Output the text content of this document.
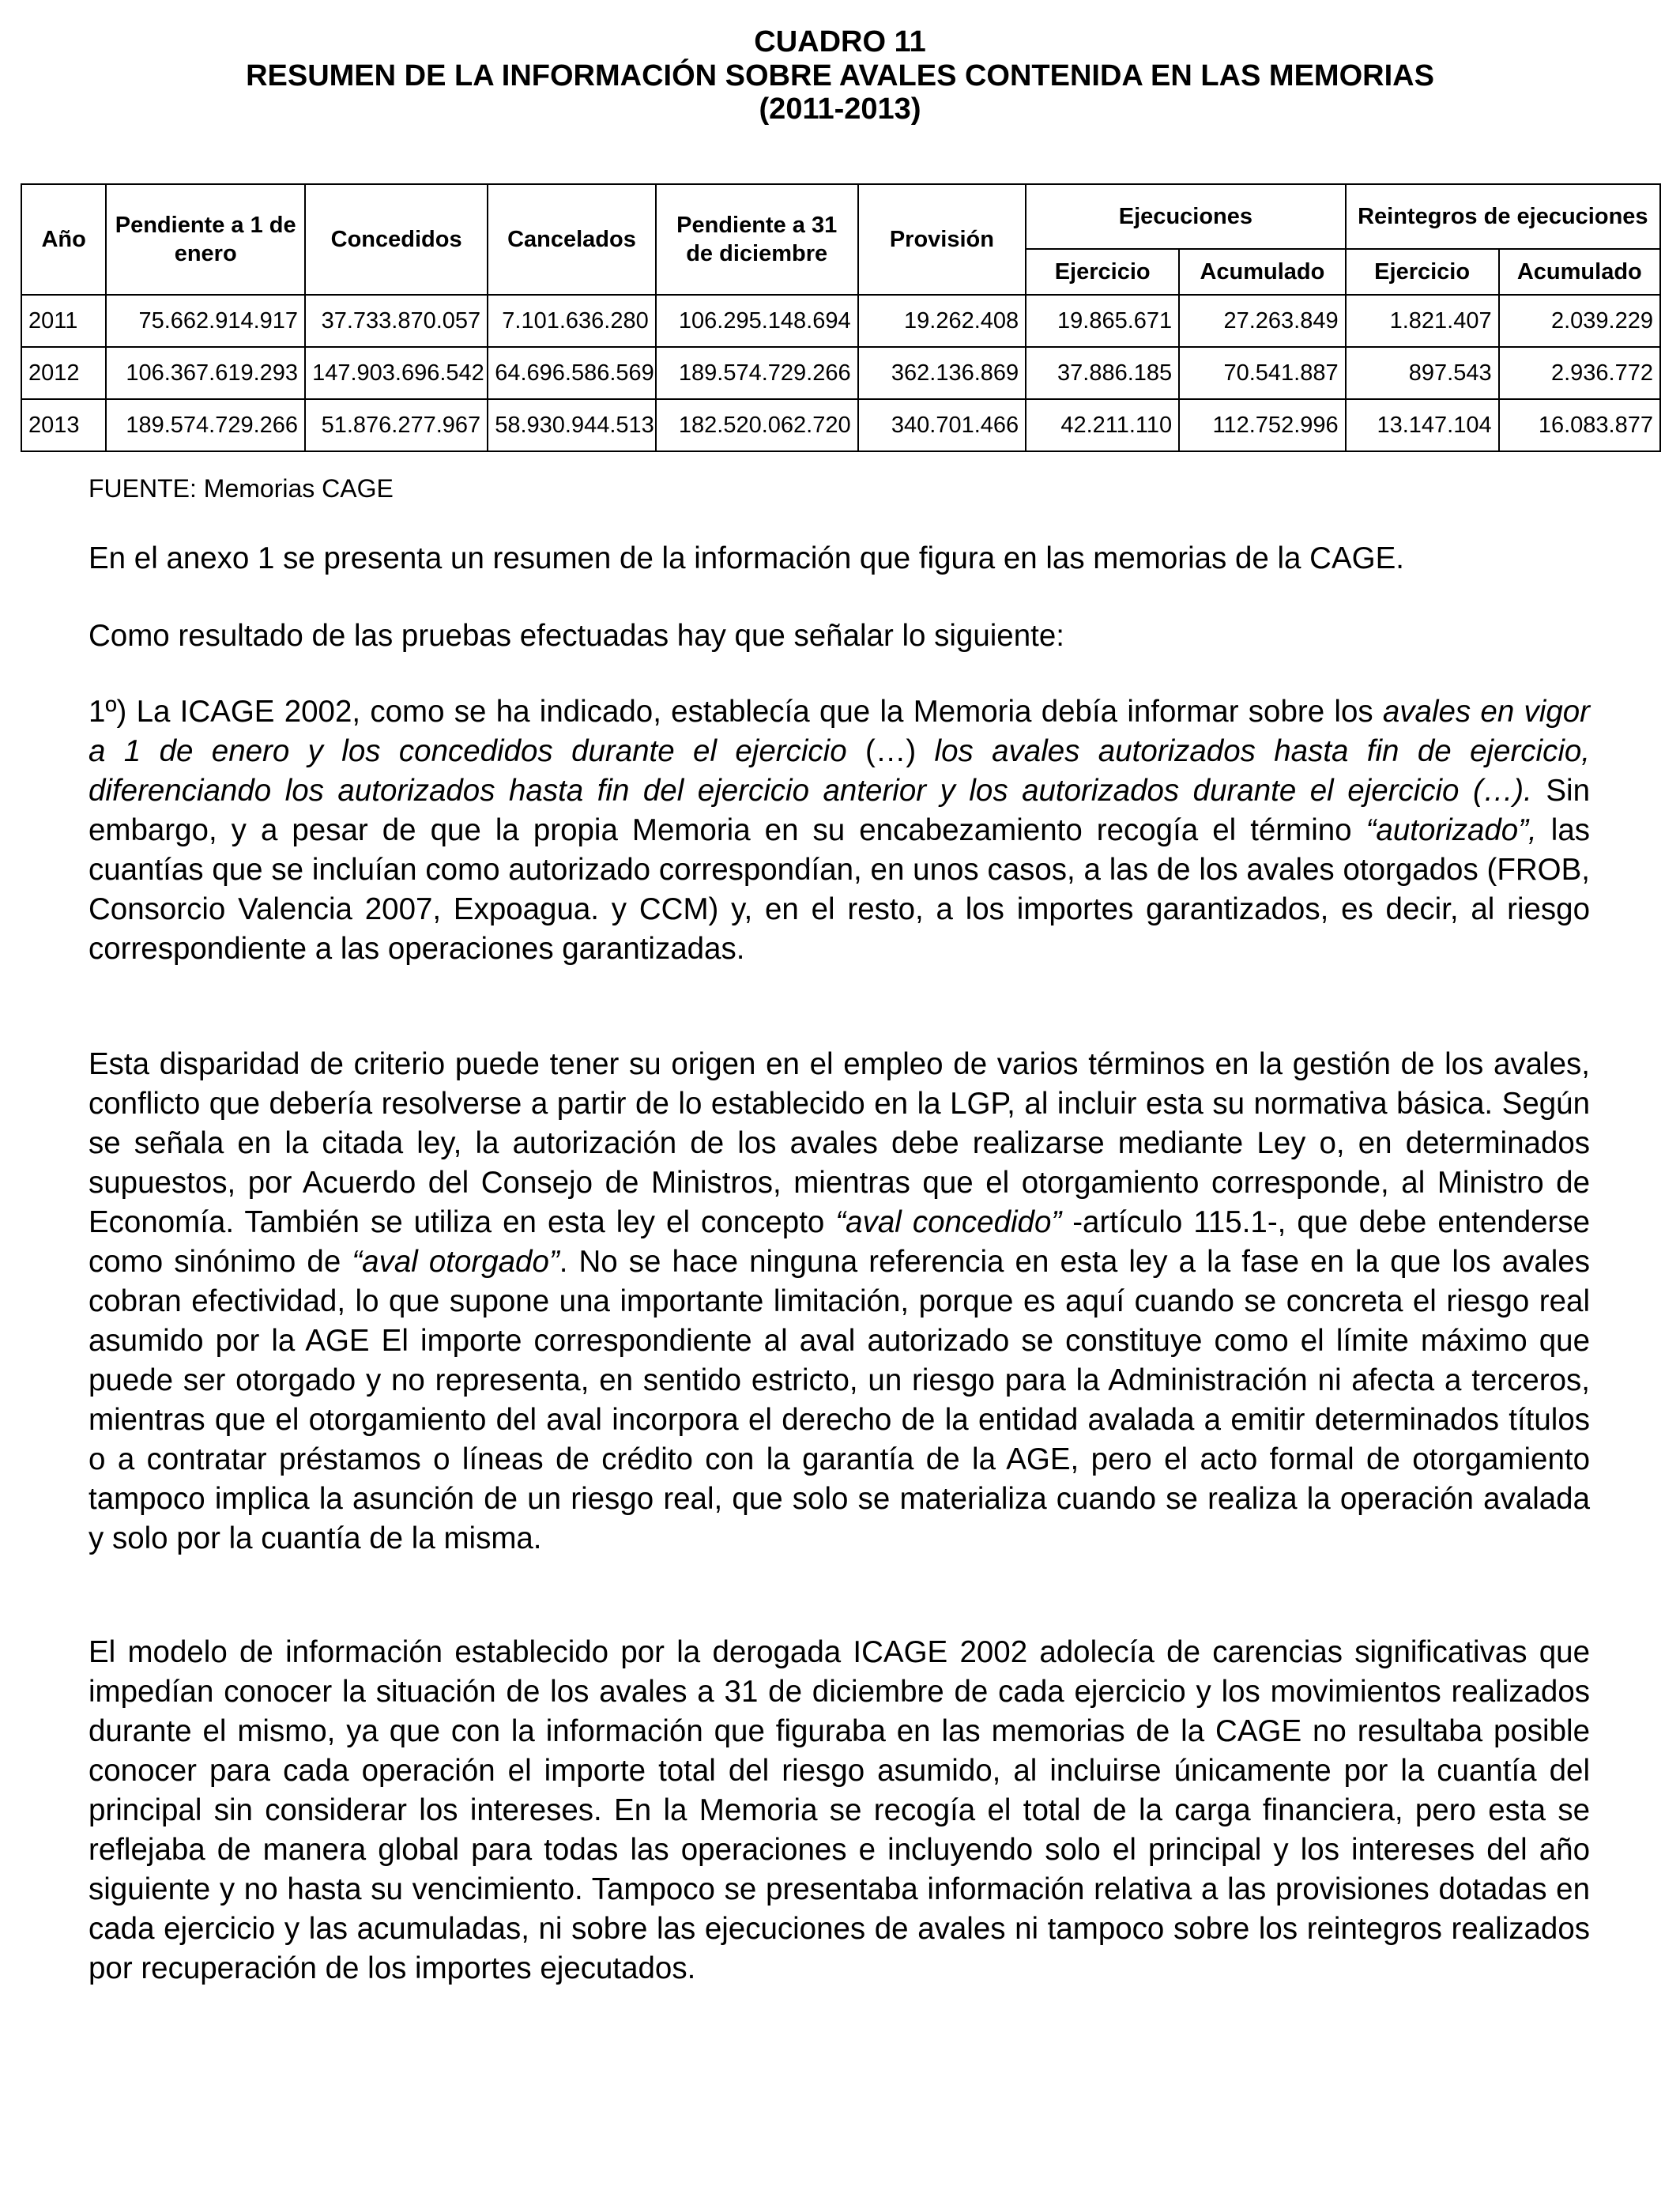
CUADRO 11
RESUMEN DE LA INFORMACIÓN SOBRE AVALES CONTENIDA EN LAS MEMORIAS
(2011-2013)
Año	Pendiente a 1 de enero	Concedidos	Cancelados	Pendiente a 31 de diciembre	Provisión	Ejecuciones		Reintegros de ejecuciones	
						Ejercicio	Acumulado	Ejercicio	Acumulado
2011	75.662.914.917	37.733.870.057	7.101.636.280	106.295.148.694	19.262.408	19.865.671	27.263.849	1.821.407	2.039.229
2012	106.367.619.293	147.903.696.542	64.696.586.569	189.574.729.266	362.136.869	37.886.185	70.541.887	897.543	2.936.772
2013	189.574.729.266	51.876.277.967	58.930.944.513	182.520.062.720	340.701.466	42.211.110	112.752.996	13.147.104	16.083.877
FUENTE: Memorias CAGE

En el anexo 1 se presenta un resumen de la información que figura en las memorias de la CAGE.

Como resultado de las pruebas efectuadas hay que señalar lo siguiente:

1º) La ICAGE 2002, como se ha indicado, establecía que la Memoria debía informar sobre los avales en vigor a 1 de enero y los concedidos durante el ejercicio (…) los avales autorizados hasta fin de ejercicio, diferenciando los autorizados hasta fin del ejercicio anterior y los autorizados durante el ejercicio (…). Sin embargo, y a pesar de que la propia Memoria en su encabezamiento recogía el término “autorizado”, las cuantías que se incluían como autorizado correspondían, en unos casos, a las de los avales otorgados (FROB, Consorcio Valencia 2007, Expoagua. y CCM) y, en el resto, a los importes garantizados, es decir, al riesgo correspondiente a las operaciones garantizadas.

Esta disparidad de criterio puede tener su origen en el empleo de varios términos en la gestión de los avales, conflicto que debería resolverse a partir de lo establecido en la LGP, al incluir esta su normativa básica. Según se señala en la citada ley, la autorización de los avales debe realizarse mediante Ley o, en determinados supuestos, por Acuerdo del Consejo de Ministros, mientras que el otorgamiento corresponde, al Ministro de Economía. También se utiliza en esta ley el concepto “aval concedido” -artículo 115.1-, que debe entenderse como sinónimo de “aval otorgado”. No se hace ninguna referencia en esta ley a la fase en la que los avales cobran efectividad, lo que supone una importante limitación, porque es aquí cuando se concreta el riesgo real asumido por la AGE El importe correspondiente al aval autorizado se constituye como el límite máximo que puede ser otorgado y no representa, en sentido estricto, un riesgo para la Administración ni afecta a terceros, mientras que el otorgamiento del aval incorpora el derecho de la entidad avalada a emitir determinados títulos o a contratar préstamos o líneas de crédito con la garantía de la AGE, pero el acto formal de otorgamiento tampoco implica la asunción de un riesgo real, que solo se materializa cuando se realiza la operación avalada y solo por la cuantía de la misma.

El modelo de información establecido por la derogada ICAGE 2002 adolecía de carencias significativas que impedían conocer la situación de los avales a 31 de diciembre de cada ejercicio y los movimientos realizados durante el mismo, ya que con la información que figuraba en las memorias de la CAGE no resultaba posible conocer para cada operación el importe total del riesgo asumido, al incluirse únicamente por la cuantía del principal sin considerar los intereses. En la Memoria se recogía el total de la carga financiera, pero esta se reflejaba de manera global para todas las operaciones e incluyendo solo el principal y los intereses del año siguiente y no hasta su vencimiento. Tampoco se presentaba información relativa a las provisiones dotadas en cada ejercicio y las acumuladas, ni sobre las ejecuciones de avales ni tampoco sobre los reintegros realizados por recuperación de los importes ejecutados.
